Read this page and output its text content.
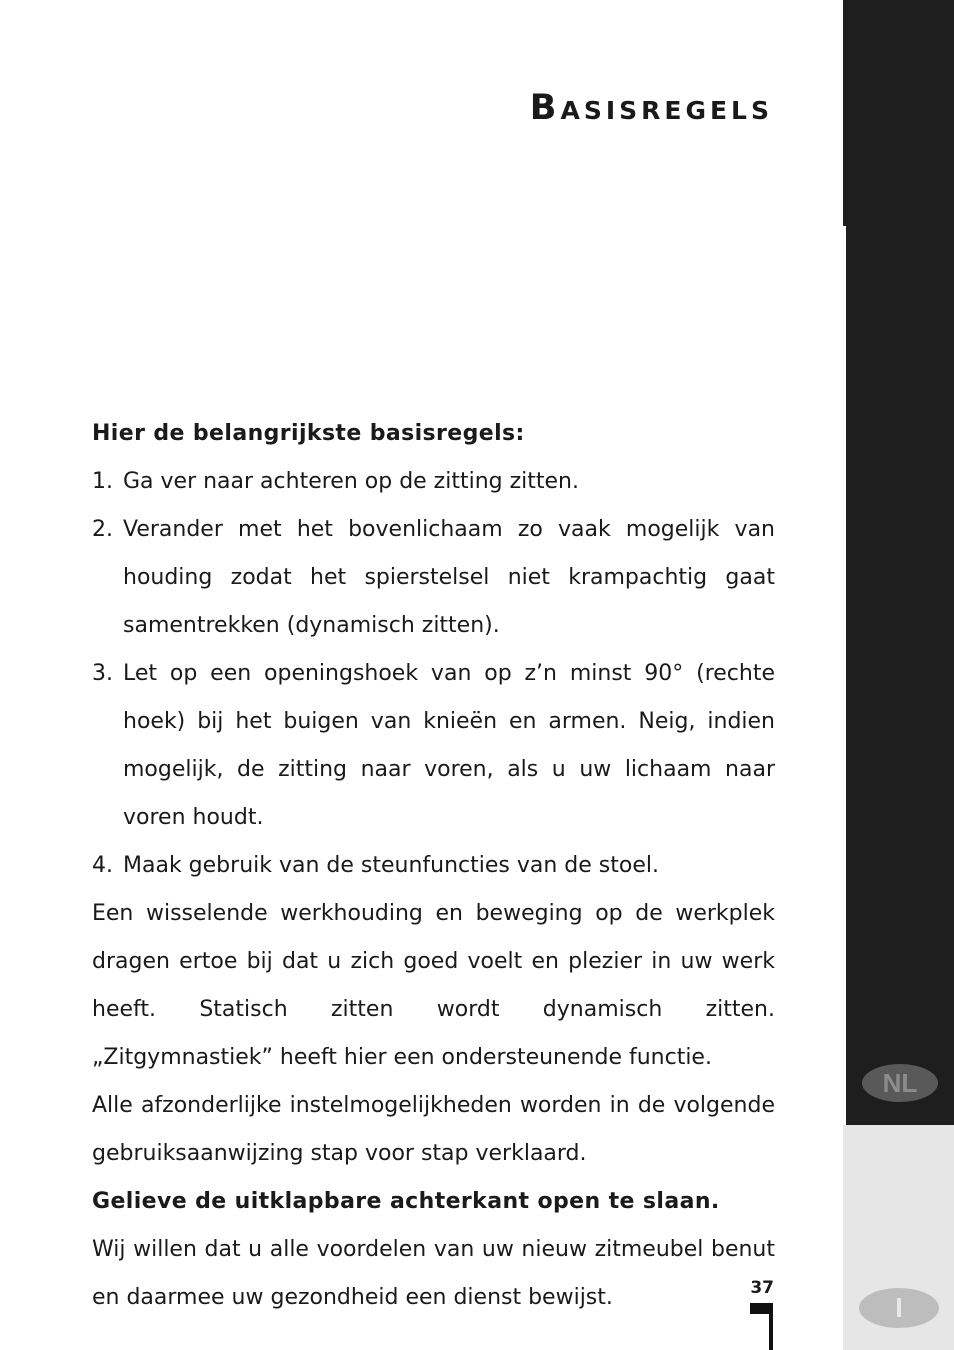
NL
I
Basisregels

Hier de belangrijkste basisregels:

1. Ga ver naar achteren op de zitting zitten.
2. Verander met het bovenlichaam zo vaak mogelijk van houding zodat het spierstelsel niet krampachtig gaat samentrekken (dynamisch zitten).
3. Let op een openingshoek van op z’n minst 90° (rechte hoek) bij het buigen van knieën en armen. Neig, indien mogelijk, de zitting naar voren, als u uw lichaam naar voren houdt.
4. Maak gebruik van de steunfuncties van de stoel.

Een wisselende werkhouding en beweging op de werkplek dragen ertoe bij dat u zich goed voelt en plezier in uw werk heeft. Statisch zitten wordt dynamisch zitten. „Zitgymnastiek” heeft hier een ondersteunende functie.

Alle afzonderlijke instelmogelijkheden worden in de volgende gebruiksaanwijzing stap voor stap verklaard.

Gelieve de uitklapbare achterkant open te slaan.

Wij willen dat u alle voordelen van uw nieuw zitmeubel benut en daarmee uw gezondheid een dienst bewijst.	37
